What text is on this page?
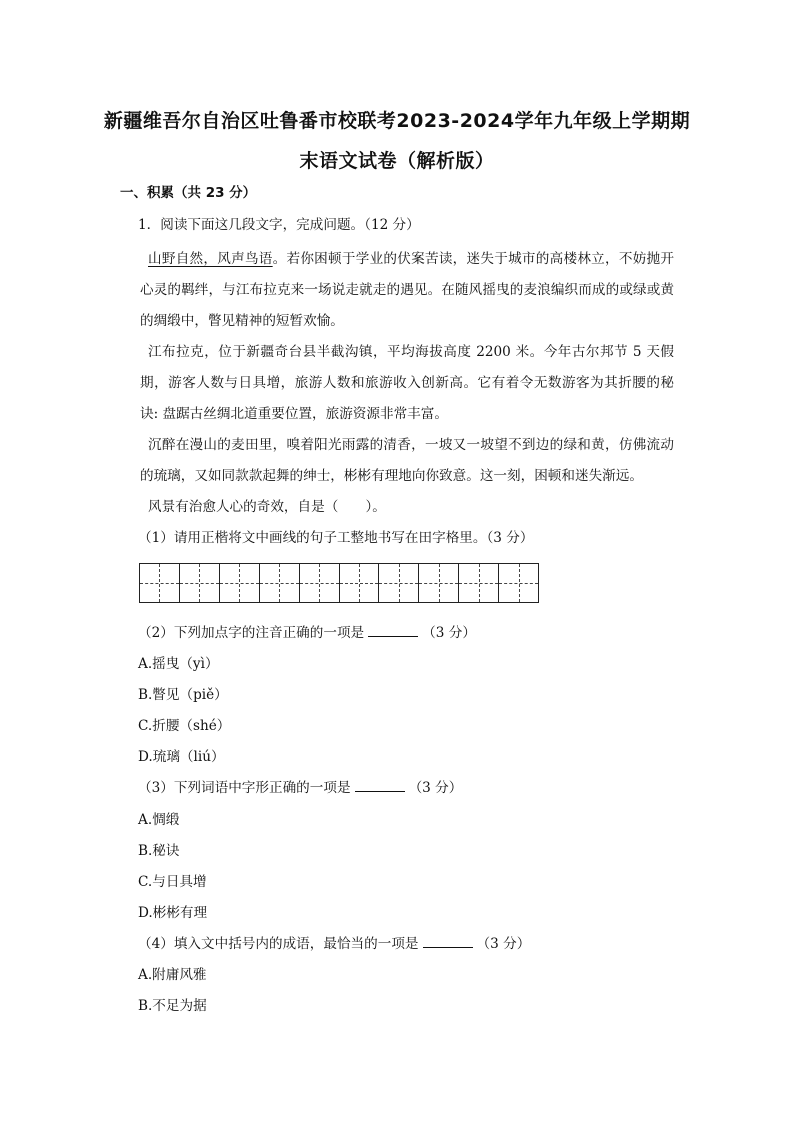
新疆维吾尔自治区吐鲁番市校联考2023-2024学年九年级上学期期
末语文试卷（解析版）
一、积累（共 23 分）
1．阅读下面这几段文字，完成问题。（12 分）
山野自然，风声鸟语。若你困顿于学业的伏案苦读，迷失于城市的高楼林立，不妨抛开心灵的羁绊，与江布拉克来一场说走就走的遇见。在随风摇曳的麦浪编织而成的或绿或黄的绸缎中，瞥见精神的短暂欢愉。
江布拉克，位于新疆奇台县半截沟镇，平均海拔高度 2200 米。今年古尔邦节 5 天假期，游客人数与日具增，旅游人数和旅游收入创新高。它有着令无数游客为其折腰的秘诀: 盘踞古丝绸北道重要位置，旅游资源非常丰富。
沉醉在漫山的麦田里，嗅着阳光雨露的清香，一坡又一坡望不到边的绿和黄，仿佛流动的琉璃，又如同款款起舞的绅士，彬彬有理地向你致意。这一刻，困顿和迷失渐远。
风景有治愈人心的奇效，自是（　　）。
（1）请用正楷将文中画线的句子工整地书写在田字格里。（3 分）
（2）下列加点字的注音正确的一项是	（3 分）
A.摇曳（yì）
B.瞥见（piě）
C.折腰（shé）
D.琉璃（liú）
（3）下列词语中字形正确的一项是	（3 分）
A.惆缎
B.秘诀
C.与日具增
D.彬彬有理
（4）填入文中括号内的成语，最恰当的一项是	（3 分）
A.附庸风雅
B.不足为据
